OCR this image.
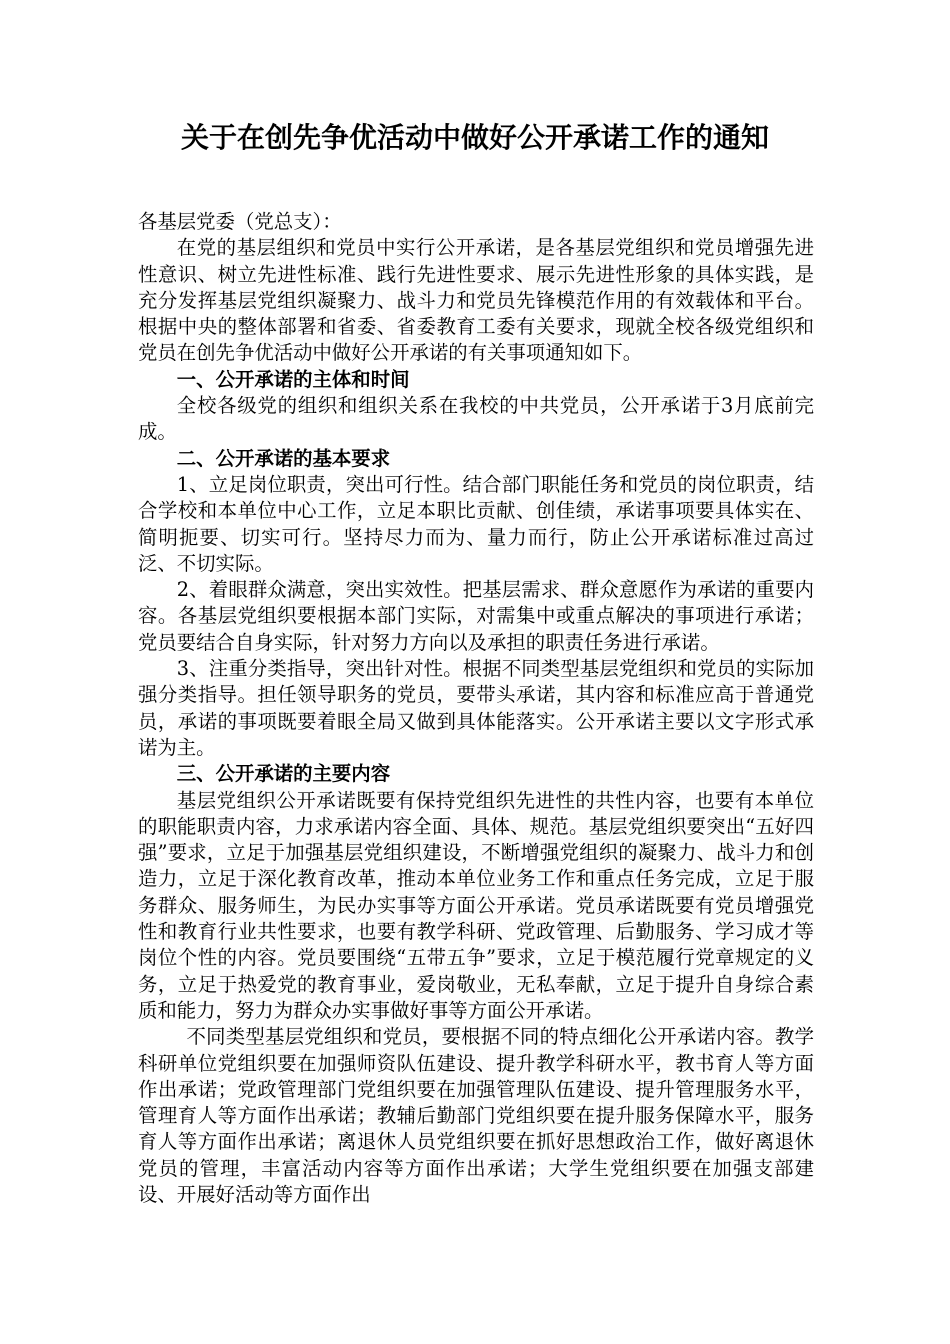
关于在创先争优活动中做好公开承诺工作的通知

各基层党委（党总支）：

在党的基层组织和党员中实行公开承诺，是各基层党组织和党员增强先进性意识、树立先进性标准、践行先进性要求、展示先进性形象的具体实践，是充分发挥基层党组织凝聚力、战斗力和党员先锋模范作用的有效载体和平台。根据中央的整体部署和省委、省委教育工委有关要求，现就全校各级党组织和党员在创先争优活动中做好公开承诺的有关事项通知如下。

一、公开承诺的主体和时间

全校各级党的组织和组织关系在我校的中共党员，公开承诺于3月底前完成。

二、公开承诺的基本要求

1、立足岗位职责，突出可行性。结合部门职能任务和党员的岗位职责，结合学校和本单位中心工作，立足本职比贡献、创佳绩，承诺事项要具体实在、简明扼要、切实可行。坚持尽力而为、量力而行，防止公开承诺标准过高过泛、不切实际。

2、着眼群众满意，突出实效性。把基层需求、群众意愿作为承诺的重要内容。各基层党组织要根据本部门实际，对需集中或重点解决的事项进行承诺；党员要结合自身实际，针对努力方向以及承担的职责任务进行承诺。

3、注重分类指导，突出针对性。根据不同类型基层党组织和党员的实际加强分类指导。担任领导职务的党员，要带头承诺，其内容和标准应高于普通党员，承诺的事项既要着眼全局又做到具体能落实。公开承诺主要以文字形式承诺为主。

三、公开承诺的主要内容

基层党组织公开承诺既要有保持党组织先进性的共性内容，也要有本单位的职能职责内容，力求承诺内容全面、具体、规范。基层党组织要突出“五好四强”要求，立足于加强基层党组织建设，不断增强党组织的凝聚力、战斗力和创造力，立足于深化教育改革，推动本单位业务工作和重点任务完成，立足于服务群众、服务师生，为民办实事等方面公开承诺。党员承诺既要有党员增强党性和教育行业共性要求，也要有教学科研、党政管理、后勤服务、学习成才等岗位个性的内容。党员要围绕“五带五争”要求，立足于模范履行党章规定的义务，立足于热爱党的教育事业，爱岗敬业，无私奉献，立足于提升自身综合素质和能力，努力为群众办实事做好事等方面公开承诺。

不同类型基层党组织和党员，要根据不同的特点细化公开承诺内容。教学科研单位党组织要在加强师资队伍建设、提升教学科研水平，教书育人等方面作出承诺；党政管理部门党组织要在加强管理队伍建设、提升管理服务水平，管理育人等方面作出承诺；教辅后勤部门党组织要在提升服务保障水平，服务育人等方面作出承诺；离退休人员党组织要在抓好思想政治工作，做好离退休党员的管理，丰富活动内容等方面作出承诺；大学生党组织要在加强支部建设、开展好活动等方面作出
